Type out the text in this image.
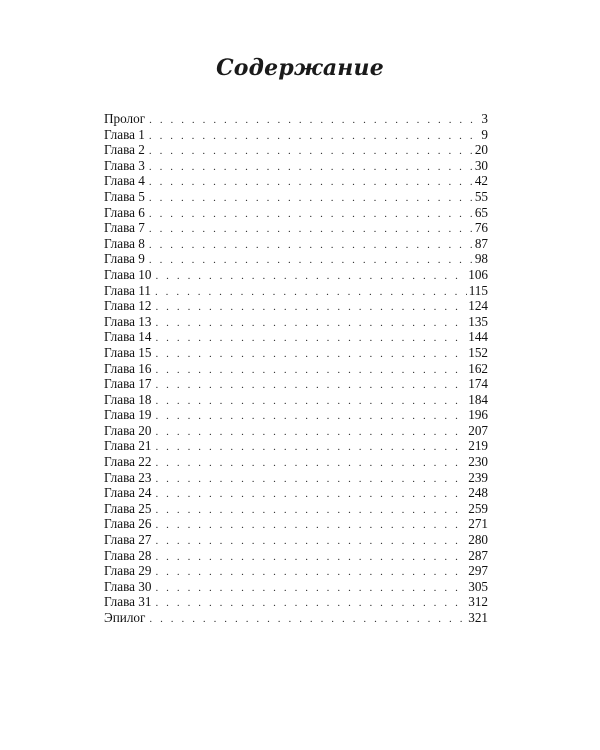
Содержание
Пролог . . .	3
Глава 1 . . .	9
Глава 2 . . .	20
Глава 3 . . .	30
Глава 4 . . .	42
Глава 5 . . .	55
Глава 6 . . .	65
Глава 7 . . .	76
Глава 8 . . .	87
Глава 9 . . .	98
Глава 10 . . .	106
Глава 11 . . .	115
Глава 12 . . .	124
Глава 13 . . .	135
Глава 14 . . .	144
Глава 15 . . .	152
Глава 16 . . .	162
Глава 17 . . .	174
Глава 18 . . .	184
Глава 19 . . .	196
Глава 20 . . .	207
Глава 21 . . .	219
Глава 22 . . .	230
Глава 23 . . .	239
Глава 24 . . .	248
Глава 25 . . .	259
Глава 26 . . .	271
Глава 27 . . .	280
Глава 28 . . .	287
Глава 29 . . .	297
Глава 30 . . .	305
Глава 31 . . .	312
Эпилог . . .	321
